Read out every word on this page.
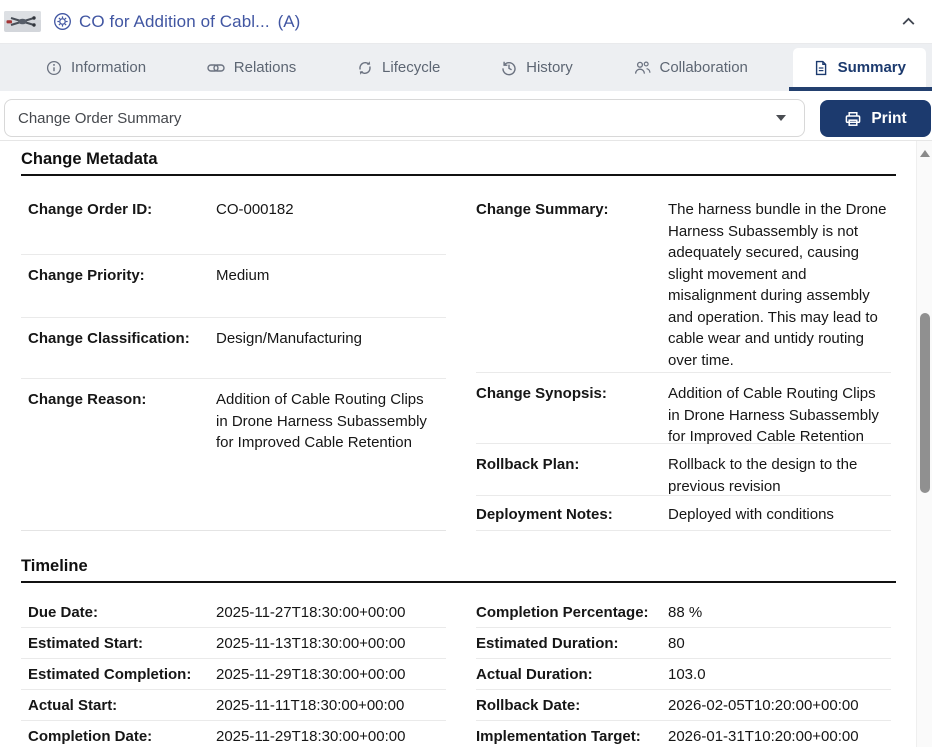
CO for Addition of Cabl... (A)
Information	Relations	Lifecycle	History	Collaboration	Summary
Change Order Summary	Print
Change Metadata
Change Order ID:	CO-000182
Change Priority:	Medium
Change Classification:	Design/Manufacturing
Change Reason:	Addition of Cable Routing Clips in Drone Harness Subassembly for Improved Cable Retention
Change Summary:	The harness bundle in the Drone Harness Subassembly is not adequately secured, causing slight movement and misalignment during assembly and operation. This may lead to cable wear and untidy routing over time.
Change Synopsis:	Addition of Cable Routing Clips in Drone Harness Subassembly for Improved Cable Retention
Rollback Plan:	Rollback to the design to the previous revision
Deployment Notes:	Deployed with conditions
Timeline
Due Date:	2025-11-27T18:30:00+00:00
Estimated Start:	2025-11-13T18:30:00+00:00
Estimated Completion:	2025-11-29T18:30:00+00:00
Actual Start:	2025-11-11T18:30:00+00:00
Completion Date:	2025-11-29T18:30:00+00:00
Completion Percentage:	88 %
Estimated Duration:	80
Actual Duration:	103.0
Rollback Date:	2026-02-05T10:20:00+00:00
Implementation Target:	2026-01-31T10:20:00+00:00
